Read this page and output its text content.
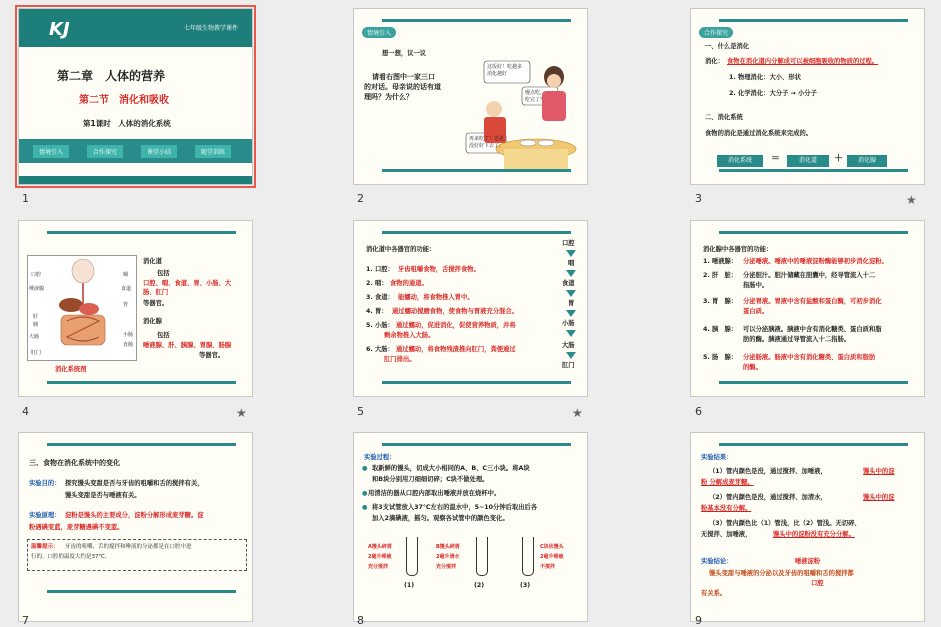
KJ	七年级生物教学课件
第二章　人体的营养
第二节　消化和吸收
第1课时　人体的消化系统
情境引入	合作探究	课堂小结	随堂训练
1
情境引入
想一想，议一议
请看右图中一家三口
的对话。母亲说的话有道
理吗？为什么？
这饭好！吃越多
消化越好
慢点吃，
吃完了？
再来吃了！还是
没好好下去了。
2
合作探究
一、什么是消化
消化： 食物在消化道内分解成可以被细胞吸收的物质的过程。
1. 物理消化：大小、形状
2. 化学消化：大分子 → 小分子
二、消化系统
食物的消化是通过消化系统来完成的。
消化系统	＝	消化道	＋	消化腺
3	★
口腔	咽
唾液腺	食道
胃
肝
胰
大肠	小肠
直肠
肛门
消化系统图
消化道
包括
口腔、咽、食道、胃、小肠、大肠、肛门
等器官。
消化腺
包括
唾液腺、肝、胰腺、胃腺、肠腺
等器官。
4	★
消化道中各器官的功能：
1. 口腔： 牙齿咀嚼食物，舌搅拌食物。
2. 咽： 食物的通道。
3. 食道： 能蠕动，将食物推入胃中。
4. 胃： 通过蠕动搅磨食物，使食物与胃液充分混合。
5. 小肠： 通过蠕动，促进消化，促使营养物质，并将
剩余物推入大肠。
6. 大肠： 通过蠕动，将食物残渣推向肛门，粪便通过
肛门排出。
口腔
咽
食道
胃
小肠
大肠
肛门
5	★
消化腺中各器官的功能：
1. 唾液腺： 分泌唾液。唾液中的唾液淀粉酶能够初步消化淀粉。
2. 肝　脏： 分泌胆汁。胆汁储藏在胆囊中，经导管流入十二
指肠中。
3. 胃　腺： 分泌胃液。胃液中含有盐酸和蛋白酶，可初步消化
蛋白质。
4. 胰　腺： 可以分泌胰液。胰液中含有消化糖类、蛋白质和脂
肪的酶。胰液通过导管流入十二指肠。
5. 肠　腺： 分泌肠液。肠液中含有消化糖类、蛋白质和脂肪
的酶。
6
三、食物在消化系统中的变化
实验目的： 探究馒头变甜是否与牙齿的咀嚼和舌的搅拌有关，
馒头变甜是否与唾液有关。
实验原理： 淀粉是馒头的主要成分，淀粉分解形成麦芽糖。淀
粉遇碘变蓝，麦芽糖遇碘不变蓝。
温馨提示： 牙齿的咀嚼、舌的搅拌和唾液的分泌都是在口腔中进
行的。口腔的温度大约是37℃。
7
实验过程：
● 取新鲜的馒头，切成大小相同的A、B、C三小块。将A块
和B块分别用刀细细切碎；C块不做处理。
● 用清洁的器从口腔内部取出唾液并放在烧杯中。
● 将3支试管放入37℃左右的温水中，5~10分钟后取出后各
加入2滴碘液，摇匀。观察各试管中的颜色变化。
A馒头碎屑
2毫升唾液
充分搅拌
(1)
B馒头碎屑
2毫升清水
充分搅拌
(2)
C块状馒头
2毫升唾液
不搅拌
(3)
8
实验结果：
（1）管内颜色是没，通过搅拌、加唾液，	馒头中的淀
粉 分解成麦芽糖。
（2）管内颜色是没，通过搅拌、加清水，	馒头中的淀
粉基本没有分解。
（3）管内颜色比（1）管浅，比（2）管浅。无切碎、
无搅拌、加唾液，	馒头中的淀粉没有充分分解。
实验结论：	唾液淀粉
馒头变甜与唾液的分泌以及牙齿的咀嚼和舌的搅拌都
口腔
有关系。
9
